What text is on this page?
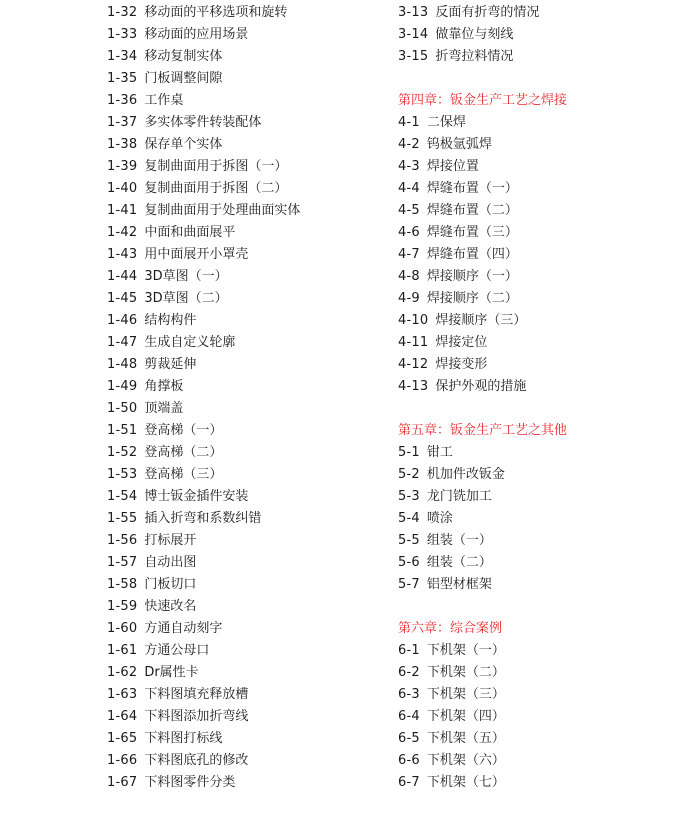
1-32 移动面的平移选项和旋转
1-33 移动面的应用场景
1-34 移动复制实体
1-35 门板调整间隙
1-36 工作桌
1-37 多实体零件转装配体
1-38 保存单个实体
1-39 复制曲面用于拆图（一）
1-40 复制曲面用于拆图（二）
1-41 复制曲面用于处理曲面实体
1-42 中面和曲面展平
1-43 用中面展开小罩壳
1-44 3D草图（一）
1-45 3D草图（二）
1-46 结构构件
1-47 生成自定义轮廓
1-48 剪裁延伸
1-49 角撑板
1-50 顶端盖
1-51 登高梯（一）
1-52 登高梯（二）
1-53 登高梯（三）
1-54 博士钣金插件安装
1-55 插入折弯和系数纠错
1-56 打标展开
1-57 自动出图
1-58 门板切口
1-59 快速改名
1-60 方通自动刻字
1-61 方通公母口
1-62 Dr属性卡
1-63 下料图填充释放槽
1-64 下料图添加折弯线
1-65 下料图打标线
1-66 下料图底孔的修改
1-67 下料图零件分类
3-13 反面有折弯的情况
3-14 做靠位与刻线
3-15 折弯拉料情况
第四章：钣金生产工艺之焊接
4-1 二保焊
4-2 钨极氩弧焊
4-3 焊接位置
4-4 焊缝布置（一）
4-5 焊缝布置（二）
4-6 焊缝布置（三）
4-7 焊缝布置（四）
4-8 焊接顺序（一）
4-9 焊接顺序（二）
4-10 焊接顺序（三）
4-11 焊接定位
4-12 焊接变形
4-13 保护外观的措施
第五章：钣金生产工艺之其他
5-1 钳工
5-2 机加件改钣金
5-3 龙门铣加工
5-4 喷涂
5-5 组装（一）
5-6 组装（二）
5-7 铝型材框架
第六章：综合案例
6-1 下机架（一）
6-2 下机架（二）
6-3 下机架（三）
6-4 下机架（四）
6-5 下机架（五）
6-6 下机架（六）
6-7 下机架（七）
